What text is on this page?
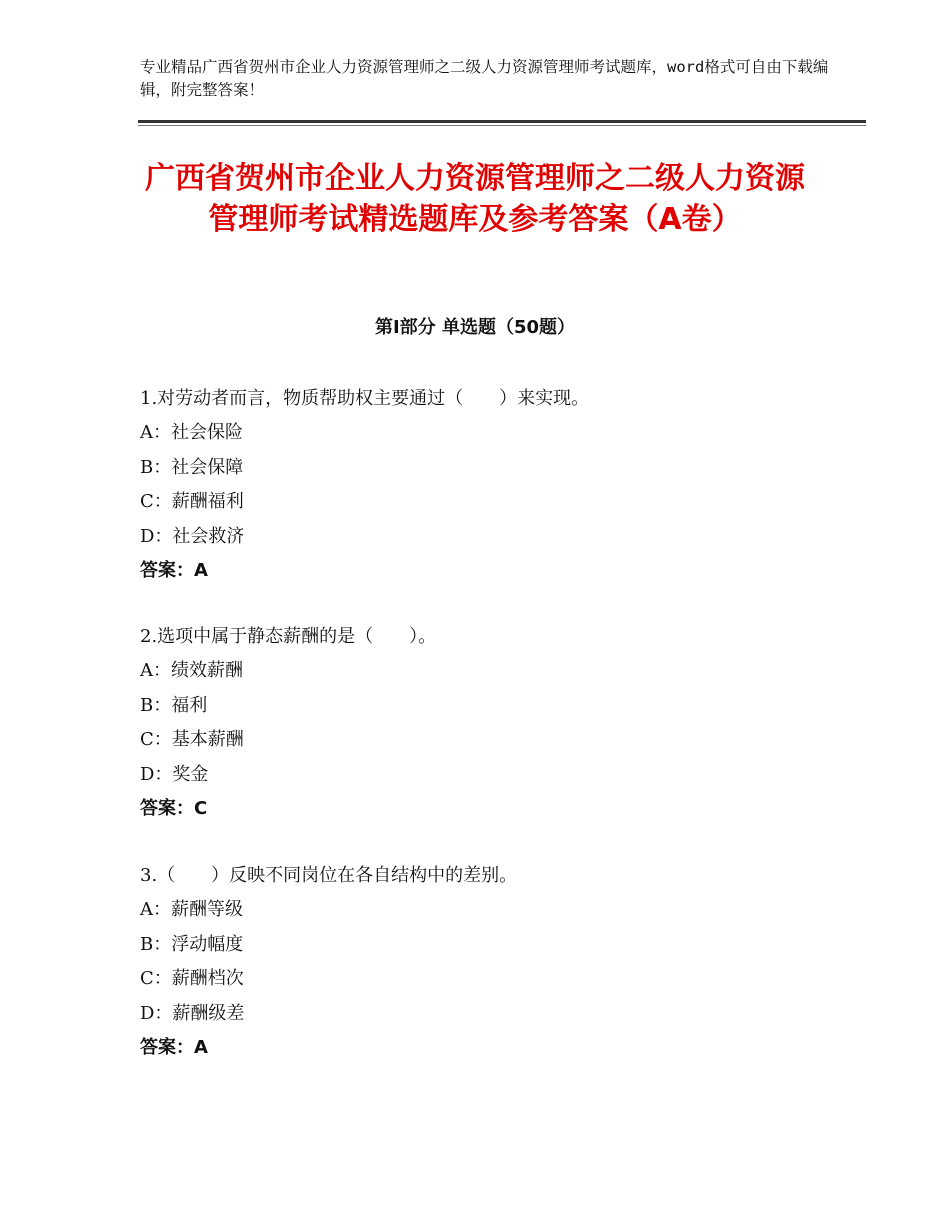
专业精品广西省贺州市企业人力资源管理师之二级人力资源管理师考试题库，word格式可自由下载编辑，附完整答案！
广西省贺州市企业人力资源管理师之二级人力资源管理师考试精选题库及参考答案（A卷）
第Ⅰ部分 单选题（50题）
1.对劳动者而言，物质帮助权主要通过（　　）来实现。
A：社会保险
B：社会保障
C：薪酬福利
D：社会救济
答案：A
2.选项中属于静态薪酬的是（　　）。
A：绩效薪酬
B：福利
C：基本薪酬
D：奖金
答案：C
3.（　　）反映不同岗位在各自结构中的差别。
A：薪酬等级
B：浮动幅度
C：薪酬档次
D：薪酬级差
答案：A
